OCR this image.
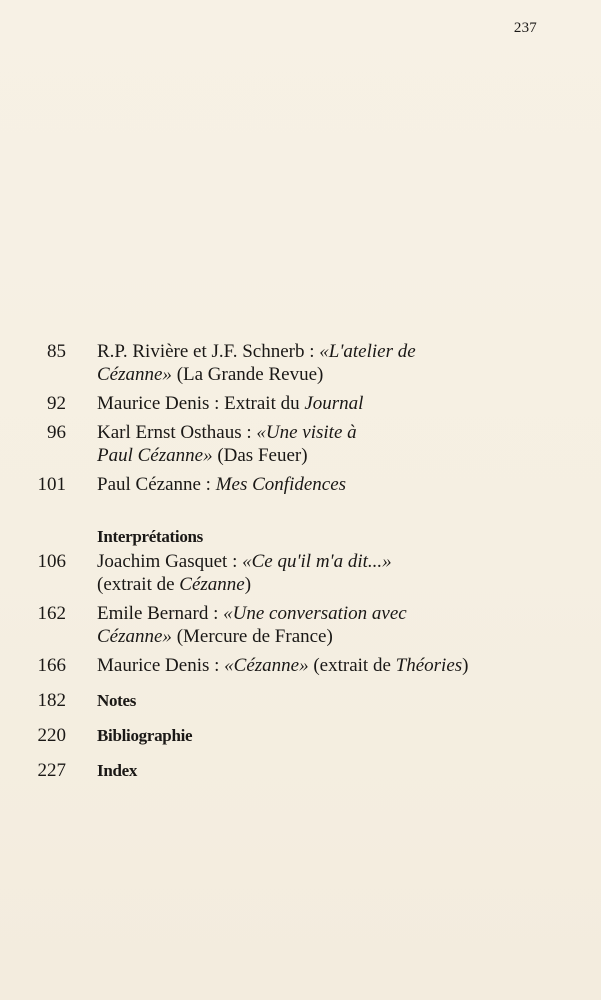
237
85 R.P. Rivière et J.F. Schnerb : «L'atelier de
Cézanne» (La Grande Revue)
92 Maurice Denis : Extrait du Journal
96 Karl Ernst Osthaus : «Une visite à
Paul Cézanne» (Das Feuer)
101 Paul Cézanne : Mes Confidences
Interprétations
106 Joachim Gasquet : «Ce qu'il m'a dit...»
(extrait de Cézanne)
162 Emile Bernard : «Une conversation avec
Cézanne» (Mercure de France)
166 Maurice Denis : «Cézanne» (extrait de Théories)
182 Notes
220 Bibliographie
227 Index
